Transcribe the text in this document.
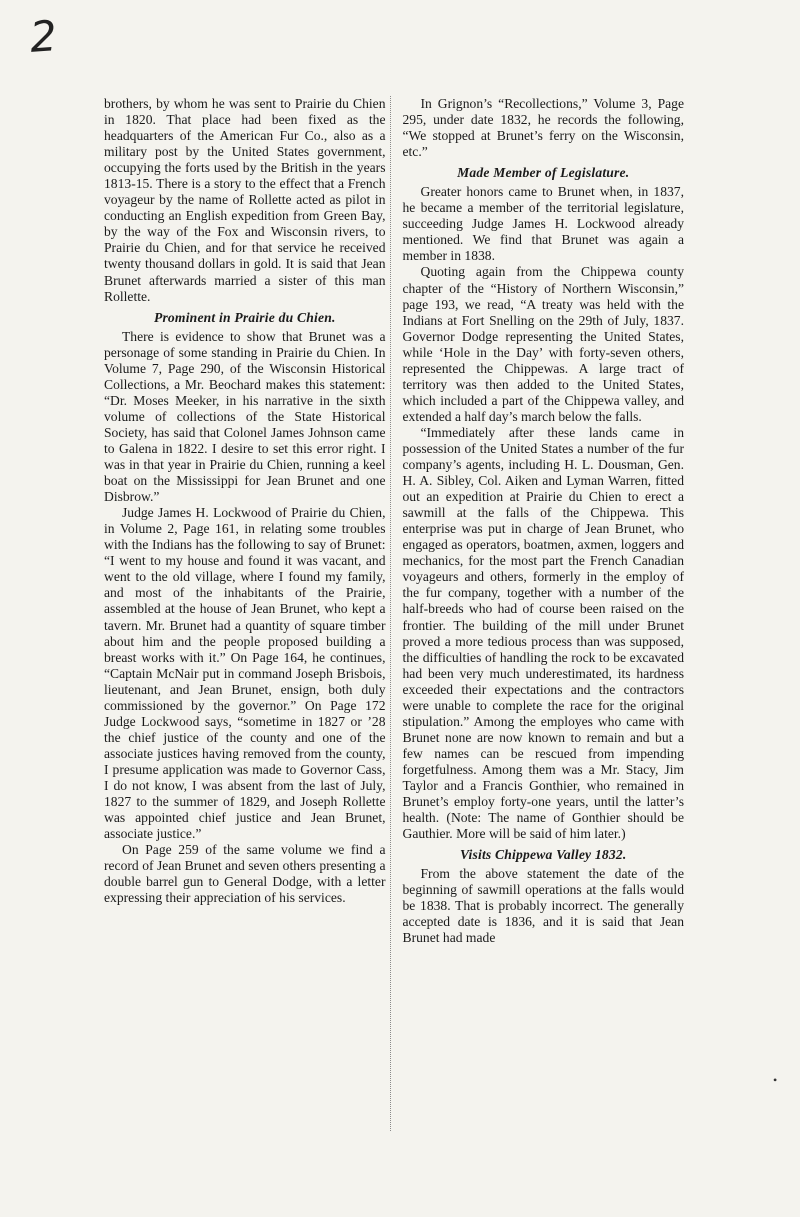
2

brothers, by whom he was sent to Prairie du Chien in 1820. That place had been fixed as the headquarters of the American Fur Co., also as a military post by the United States government, occupying the forts used by the British in the years 1813-15. There is a story to the effect that a French voyageur by the name of Rollette acted as pilot in conducting an English expedition from Green Bay, by the way of the Fox and Wisconsin rivers, to Prairie du Chien, and for that service he received twenty thousand dollars in gold. It is said that Jean Brunet afterwards married a sister of this man Rollette.

Prominent in Prairie du Chien.

There is evidence to show that Brunet was a personage of some standing in Prairie du Chien. In Volume 7, Page 290, of the Wisconsin Historical Collections, a Mr. Beochard makes this statement: “Dr. Moses Meeker, in his narrative in the sixth volume of collections of the State Historical Society, has said that Colonel James Johnson came to Galena in 1822. I desire to set this error right. I was in that year in Prairie du Chien, running a keel boat on the Mississippi for Jean Brunet and one Disbrow.”

Judge James H. Lockwood of Prairie du Chien, in Volume 2, Page 161, in relating some troubles with the Indians has the following to say of Brunet: “I went to my house and found it was vacant, and went to the old village, where I found my family, and most of the inhabitants of the Prairie, assembled at the house of Jean Brunet, who kept a tavern. Mr. Brunet had a quantity of square timber about him and the people proposed building a breast works with it.” On Page 164, he continues, “Captain McNair put in command Joseph Brisbois, lieutenant, and Jean Brunet, ensign, both duly commissioned by the governor.” On Page 172 Judge Lockwood says, “sometime in 1827 or ’28 the chief justice of the county and one of the associate justices having removed from the county, I presume application was made to Governor Cass, I do not know, I was absent from the last of July, 1827 to the summer of 1829, and Joseph Rollette was appointed chief justice and Jean Brunet, associate justice.”

On Page 259 of the same volume we find a record of Jean Brunet and seven others presenting a double barrel gun to General Dodge, with a letter expressing their appreciation of his services.

In Grignon’s “Recollections,” Volume 3, Page 295, under date 1832, he records the following, “We stopped at Brunet’s ferry on the Wisconsin, etc.”

Made Member of Legislature.

Greater honors came to Brunet when, in 1837, he became a member of the territorial legislature, succeeding Judge James H. Lockwood already mentioned. We find that Brunet was again a member in 1838.

Quoting again from the Chippewa county chapter of the “History of Northern Wisconsin,” page 193, we read, “A treaty was held with the Indians at Fort Snelling on the 29th of July, 1837. Governor Dodge representing the United States, while ‘Hole in the Day’ with forty-seven others, represented the Chippewas. A large tract of territory was then added to the United States, which included a part of the Chippewa valley, and extended a half day’s march below the falls.

“Immediately after these lands came in possession of the United States a number of the fur company’s agents, including H. L. Dousman, Gen. H. A. Sibley, Col. Aiken and Lyman Warren, fitted out an expedition at Prairie du Chien to erect a sawmill at the falls of the Chippewa. This enterprise was put in charge of Jean Brunet, who engaged as operators, boatmen, axmen, loggers and mechanics, for the most part the French Canadian voyageurs and others, formerly in the employ of the fur company, together with a number of the half-breeds who had of course been raised on the frontier. The building of the mill under Brunet proved a more tedious process than was supposed, the difficulties of handling the rock to be excavated had been very much underestimated, its hardness exceeded their expectations and the contractors were unable to complete the race for the original stipulation.” Among the employes who came with Brunet none are now known to remain and but a few names can be rescued from impending forgetfulness. Among them was a Mr. Stacy, Jim Taylor and a Francis Gonthier, who remained in Brunet’s employ forty-one years, until the latter’s health. (Note: The name of Gonthier should be Gauthier. More will be said of him later.)

Visits Chippewa Valley 1832.

From the above statement the date of the beginning of sawmill operations at the falls would be 1838. That is probably incorrect. The generally accepted date is 1836, and it is said that Jean Brunet had made

•
